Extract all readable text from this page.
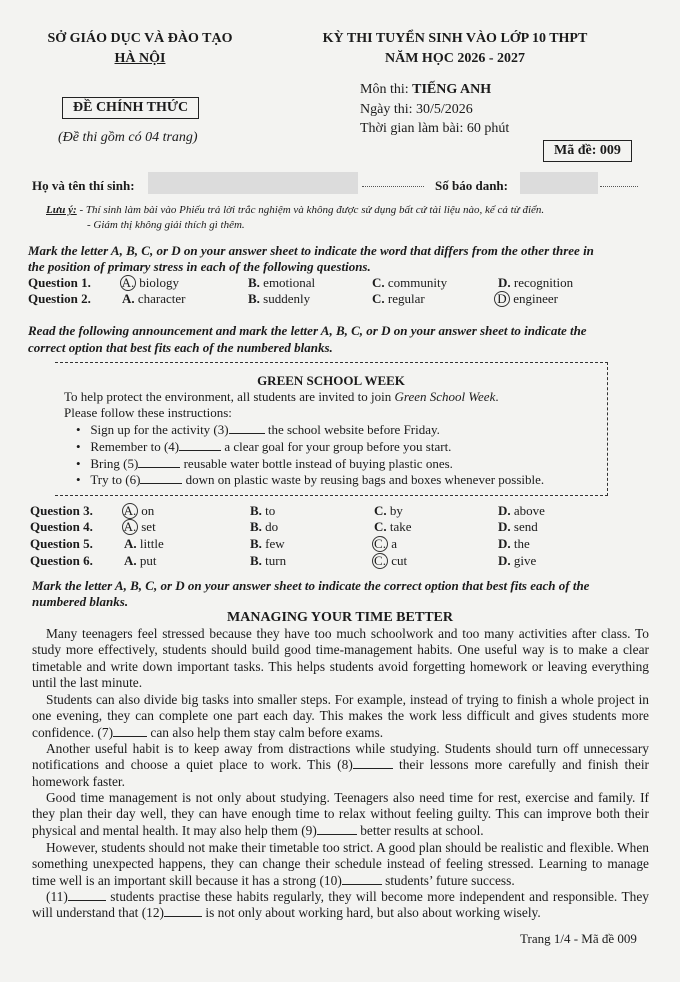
SỞ GIÁO DỤC VÀ ĐÀO TẠO
HÀ NỘI
KỲ THI TUYỂN SINH VÀO LỚP 10 THPT
NĂM HỌC 2026 - 2027
ĐỀ CHÍNH THỨC
(Đề thi gồm có 04 trang)
Môn thi: TIẾNG ANH
Ngày thi: 30/5/2026
Thời gian làm bài: 60 phút
Mã đề: 009
Họ và tên thí sinh:	Số báo danh:
Lưu ý: - Thí sinh làm bài vào Phiếu trả lời trắc nghiệm và không được sử dụng bất cứ tài liệu nào, kể cả từ điển.
- Giám thị không giải thích gì thêm.
Mark the letter A, B, C, or D on your answer sheet to indicate the word that differs from the other three in
the position of primary stress in each of the following questions.
Question 1. A. biology	B. emotional	C. community	D. recognition
Question 2. A. character	B. suddenly	C. regular	D engineer
Read the following announcement and mark the letter A, B, C, or D on your answer sheet to indicate the
correct option that best fits each of the numbered blanks.
GREEN SCHOOL WEEK
To help protect the environment, all students are invited to join Green School Week.
Please follow these instructions:
•   Sign up for the activity (3)	the school website before Friday.
•   Remember to (4)	a clear goal for your group before you start.
•   Bring (5)	reusable water bottle instead of buying plastic ones.
•   Try to (6)	down on plastic waste by reusing bags and boxes whenever possible.
Question 3. A. on	B. to	C. by	D. above
Question 4. A. set	B. do	C. take	D. send
Question 5. A. little	B. few	C. a	D. the
Question 6. A. put	B. turn	C. cut	D. give
Mark the letter A, B, C, or D on your answer sheet to indicate the correct option that best fits each of the
numbered blanks.
MANAGING YOUR TIME BETTER
Many teenagers feel stressed because they have too much schoolwork and too many activities after class. To study more effectively, students should build good time-management habits. One useful way is to make a clear timetable and write down important tasks. This helps students avoid forgetting homework or leaving everything until the last minute.
Students can also divide big tasks into smaller steps. For example, instead of trying to finish a whole project in one evening, they can complete one part each day. This makes the work less difficult and gives students more confidence. (7)	can also help them stay calm before exams.
Another useful habit is to keep away from distractions while studying. Students should turn off unnecessary notifications and choose a quiet place to work. This (8)	their lessons more carefully and finish their homework faster.
Good time management is not only about studying. Teenagers also need time for rest, exercise and family. If they plan their day well, they can have enough time to relax without feeling guilty. This can improve both their physical and mental health. It may also help them (9)	better results at school.
However, students should not make their timetable too strict. A good plan should be realistic and flexible. When something unexpected happens, they can change their schedule instead of feeling stressed. Learning to manage time well is an important skill because it has a strong (10)	students’ future success.
(11)	students practise these habits regularly, they will become more independent and responsible. They will understand that (12)	is not only about working hard, but also about working wisely.
Trang 1/4 - Mã đề 009
